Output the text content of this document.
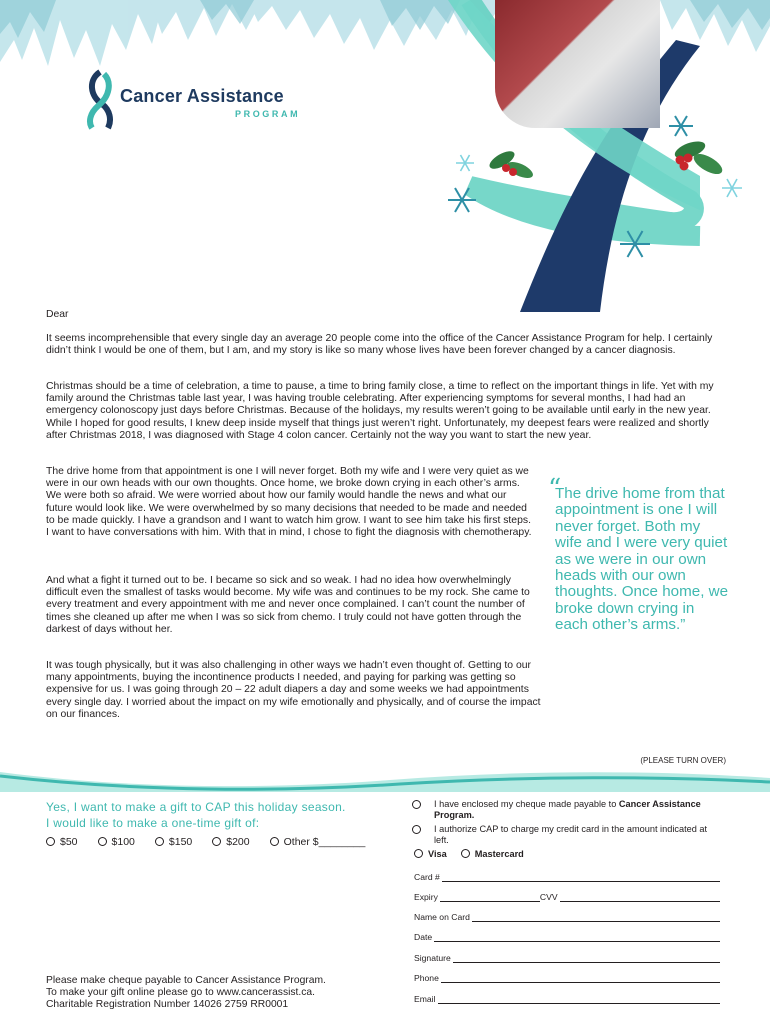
Cancer Assistance
PROGRAM

Dear

It seems incomprehensible that every single day an average 20 people come into the office of the Cancer Assistance Program for help. I certainly didn’t think I would be one of them, but I am, and my story is like so many whose lives have been forever changed by a cancer diagnosis.

Christmas should be a time of celebration, a time to pause, a time to bring family close, a time to reflect on the important things in life. Yet with my family around the Christmas table last year, I was having trouble celebrating. After experiencing symptoms for several months, I had had an emergency colonoscopy just days before Christmas. Because of the holidays, my results weren’t going to be available until early in the new year. While I hoped for good results, I knew deep inside myself that things just weren’t right. Unfortunately, my deepest fears were realized and shortly after Christmas 2018, I was diagnosed with Stage 4 colon cancer. Certainly not the way you want to start the new year.

The drive home from that appointment is one I will never forget. Both my wife and I were very quiet as we were in our own heads with our own thoughts. Once home, we broke down crying in each other’s arms. We were both so afraid. We were worried about how our family would handle the news and what our future would look like. We were overwhelmed by so many decisions that needed to be made and needed to be made quickly. I have a grandson and I want to watch him grow. I want to see him take his first steps. I want to have conversations with him. With that in mind, I chose to fight the diagnosis with chemotherapy.

And what a fight it turned out to be. I became so sick and so weak. I had no idea how overwhelmingly difficult even the smallest of tasks would become. My wife was and continues to be my rock. She came to every treatment and every appointment with me and never once complained. I can’t count the number of times she cleaned up after me when I was so sick from chemo. I truly could not have gotten through the darkest of days without her.

It was tough physically, but it was also challenging in other ways we hadn’t even thought of. Getting to our many appointments, buying the incontinence products I needed, and paying for parking was getting so expensive for us. I was going through 20 – 22 adult diapers a day and some weeks we had appointments every single day. I worried about the impact on my wife emotionally and physically, and of course the impact on our finances.

“
The drive home from that appointment is one I will never forget. Both my wife and I were very quiet as we were in our own heads with our own thoughts. Once home, we broke down crying in each other’s arms.”
(PLEASE TURN OVER)
Yes, I want to make a gift to CAP this holiday season.
I would like to make a one-time gift of:
$50	$100	$150	$200	Other $________
I have enclosed my cheque made payable to Cancer Assistance Program.
I authorize CAP to charge my credit card in the amount indicated at left.
Visa	Mastercard
Card #
Expiry	CVV
Name on Card
Date
Signature
Phone
Email

Please make cheque payable to Cancer Assistance Program.

To make your gift online please go to www.cancerassist.ca.

Charitable Registration Number 14026 2759 RR0001
